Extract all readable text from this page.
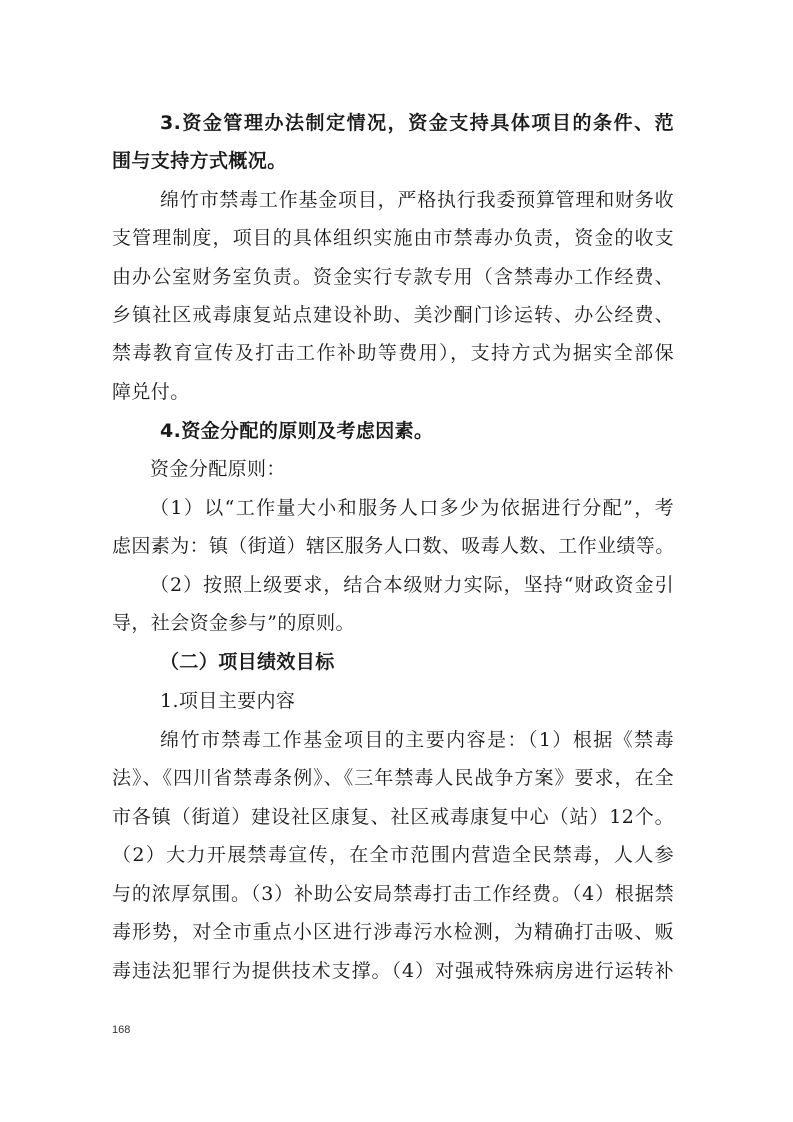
3.资金管理办法制定情况，资金支持具体项目的条件、范
围与支持方式概况。
绵竹市禁毒工作基金项目，严格执行我委预算管理和财务收
支管理制度，项目的具体组织实施由市禁毒办负责，资金的收支
由办公室财务室负责。资金实行专款专用（含禁毒办工作经费、
乡镇社区戒毒康复站点建设补助、美沙酮门诊运转、办公经费、
禁毒教育宣传及打击工作补助等费用），支持方式为据实全部保
障兑付。
4.资金分配的原则及考虑因素。
资金分配原则：
（1）以“工作量大小和服务人口多少为依据进行分配”，考
虑因素为：镇（街道）辖区服务人口数、吸毒人数、工作业绩等。
（2）按照上级要求，结合本级财力实际，坚持“财政资金引
导，社会资金参与”的原则。
（二）项目绩效目标
1.项目主要内容
绵竹市禁毒工作基金项目的主要内容是：（1）根据《禁毒
法》、《四川省禁毒条例》、《三年禁毒人民战争方案》要求，在全
市各镇（街道）建设社区康复、社区戒毒康复中心（站）12个。
（2）大力开展禁毒宣传，在全市范围内营造全民禁毒，人人参
与的浓厚氛围。（3）补助公安局禁毒打击工作经费。（4）根据禁
毒形势，对全市重点小区进行涉毒污水检测，为精确打击吸、贩
毒违法犯罪行为提供技术支撑。（4）对强戒特殊病房进行运转补
168
